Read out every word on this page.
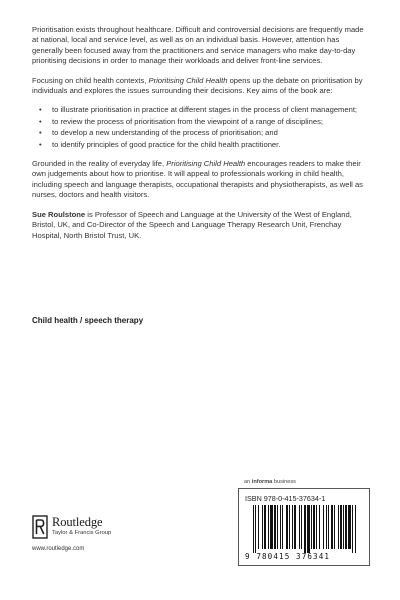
Prioritisation exists throughout healthcare. Difficult and controversial decisions are frequently made at national, local and service level, as well as on an individual basis. However, attention has generally been focused away from the practitioners and service managers who make day-to-day prioritising decisions in order to manage their workloads and deliver front-line services.

Focusing on child health contexts, Prioritising Child Health opens up the debate on prioritisation by individuals and explores the issues surrounding their decisions. Key aims of the book are:

• to illustrate prioritisation in practice at different stages in the process of client management;
• to review the process of prioritisation from the viewpoint of a range of disciplines;
• to develop a new understanding of the process of prioritisation; and
• to identify principles of good practice for the child health practitioner.

Grounded in the reality of everyday life, Prioritising Child Health encourages readers to make their own judgements about how to prioritise. It will appeal to professionals working in child health, including speech and language therapists, occupational therapists and physiotherapists, as well as nurses, doctors and health visitors.

Sue Roulstone is Professor of Speech and Language at the University of the West of England, Bristol, UK, and Co-Director of the Speech and Language Therapy Research Unit, Frenchay Hospital, North Bristol Trust, UK.

Child health / speech therapy
an informa business
ISBN 978-0-415-37634-1
9 780415 376341
Routledge
Taylor & Francis Group
www.routledge.com
